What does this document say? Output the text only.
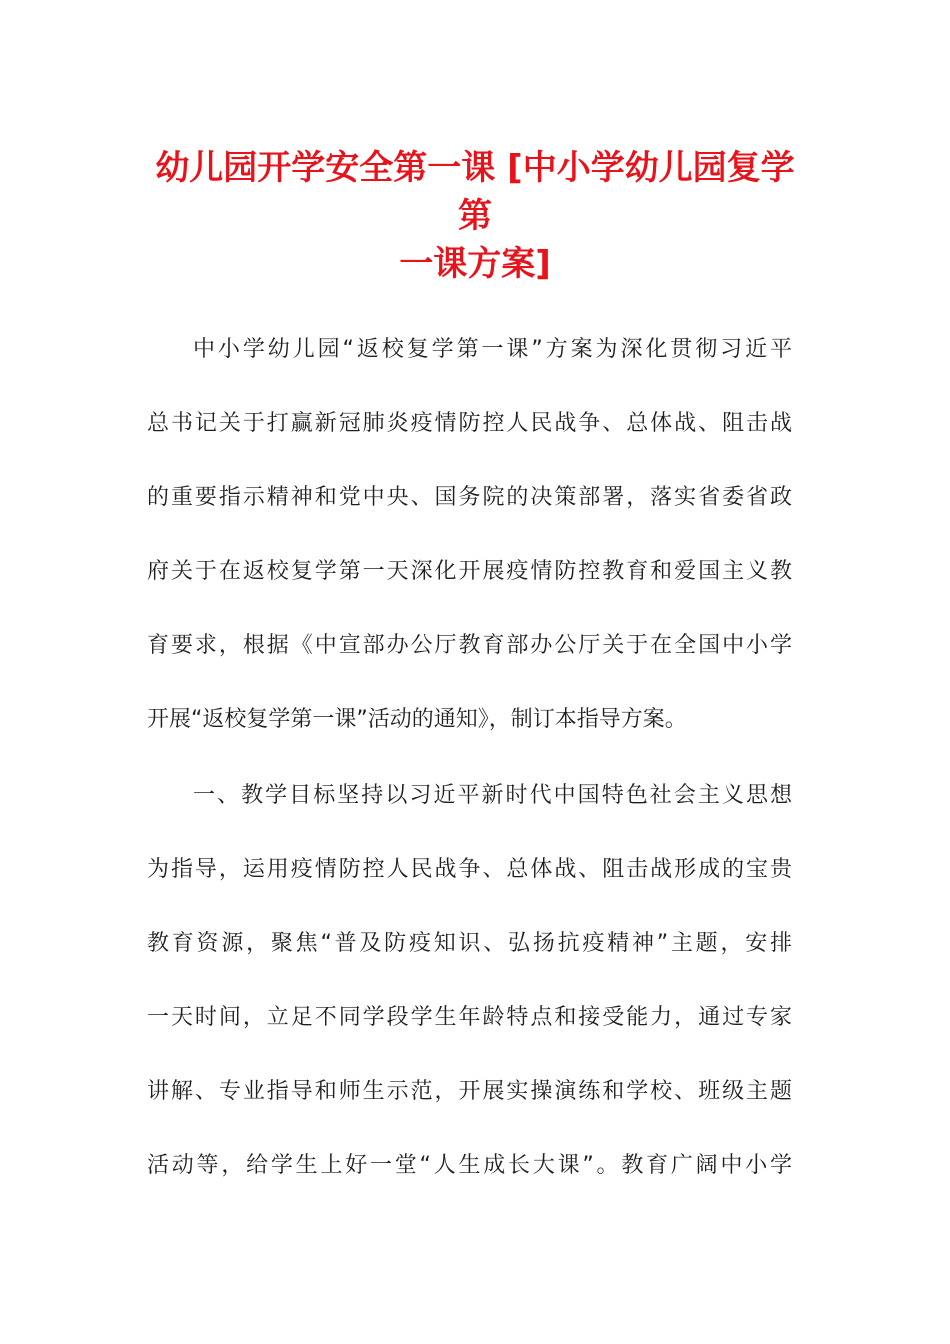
幼儿园开学安全第一课 [中小学幼儿园复学第
一课方案]
中小学幼儿园“返校复学第一课”方案为深化贯彻习近平
总书记关于打赢新冠肺炎疫情防控人民战争、总体战、阻击战
的重要指示精神和党中央、国务院的决策部署，落实省委省政
府关于在返校复学第一天深化开展疫情防控教育和爱国主义教
育要求，根据《中宣部办公厅教育部办公厅关于在全国中小学
开展“返校复学第一课”活动的通知》，制订本指导方案。
一、教学目标坚持以习近平新时代中国特色社会主义思想
为指导，运用疫情防控人民战争、总体战、阻击战形成的宝贵
教育资源，聚焦“普及防疫知识、弘扬抗疫精神”主题，安排
一天时间，立足不同学段学生年龄特点和接受能力，通过专家
讲解、专业指导和师生示范，开展实操演练和学校、班级主题
活动等，给学生上好一堂“人生成长大课”。教育广阔中小学
